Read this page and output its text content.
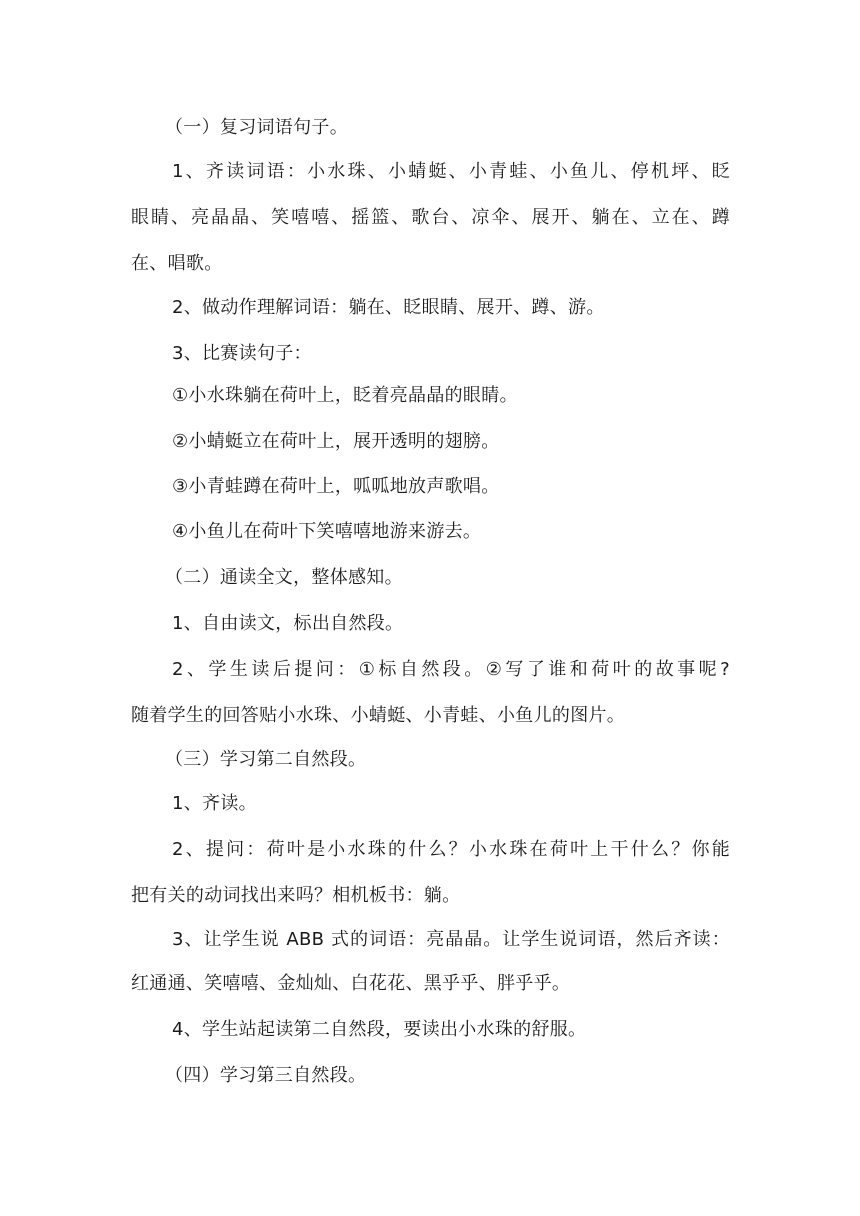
（一）复习词语句子。
1、齐读词语：小水珠、小蜻蜓、小青蛙、小鱼儿、停机坪、眨
眼睛、亮晶晶、笑嘻嘻、摇篮、歌台、凉伞、展开、躺在、立在、蹲
在、唱歌。
2、做动作理解词语：躺在、眨眼睛、展开、蹲、游。
3、比赛读句子：
①小水珠躺在荷叶上，眨着亮晶晶的眼睛。
②小蜻蜓立在荷叶上，展开透明的翅膀。
③小青蛙蹲在荷叶上，呱呱地放声歌唱。
④小鱼儿在荷叶下笑嘻嘻地游来游去。
（二）通读全文，整体感知。
1、自由读文，标出自然段。
2、学生读后提问：①标自然段。②写了谁和荷叶的故事呢?
随着学生的回答贴小水珠、小蜻蜓、小青蛙、小鱼儿的图片。
（三）学习第二自然段。
1、齐读。
2、提问：荷叶是小水珠的什么？小水珠在荷叶上干什么？你能
把有关的动词找出来吗？相机板书：躺。
3、让学生说 ABB 式的词语：亮晶晶。让学生说词语，然后齐读：
红通通、笑嘻嘻、金灿灿、白花花、黑乎乎、胖乎乎。
4、学生站起读第二自然段，要读出小水珠的舒服。
（四）学习第三自然段。
